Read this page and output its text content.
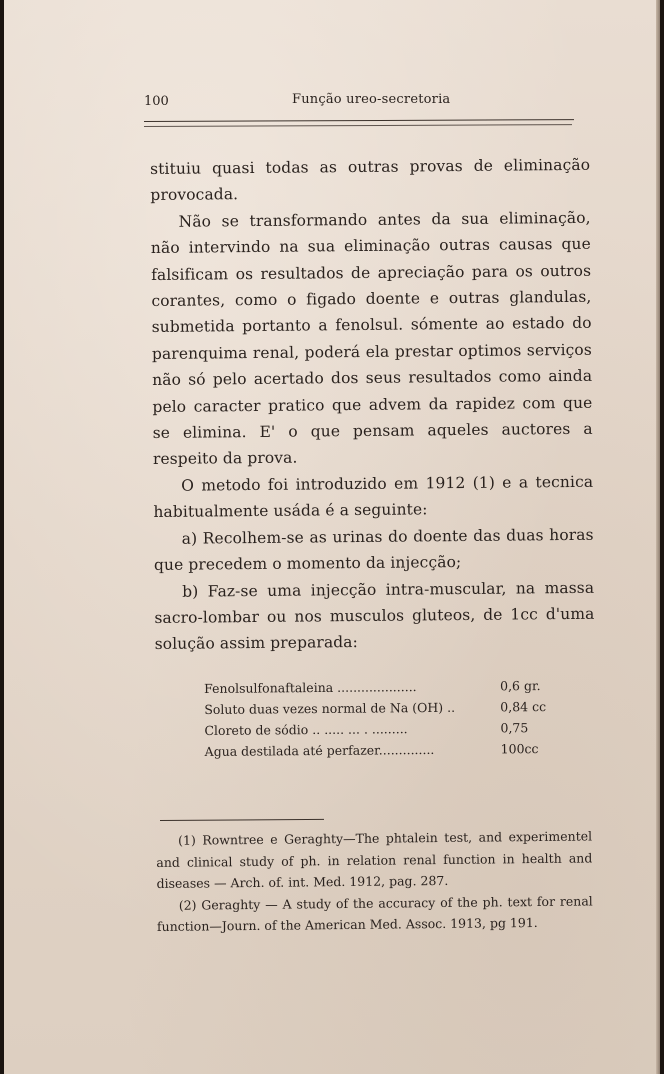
100	Função ureo-secretoria

stituiu quasi todas as outras provas de eliminação provocada.

Não se transformando antes da sua eliminação, não intervindo na sua eliminação outras causas que falsificam os resultados de apreciação para os outros corantes, como o figado doente e outras glandulas, submetida portanto a fenolsul. sómente ao estado do parenquima renal, poderá ela prestar optimos serviços não só pelo acertado dos seus resultados como ainda pelo caracter pratico que advem da rapidez com que se elimina. E' o que pensam aqueles auctores a respeito da prova.

O metodo foi introduzido em 1912 (1) e a tecnica habitualmente usáda é a seguinte:

a) Recolhem-se as urinas do doente das duas horas que precedem o momento da injecção;

b) Faz-se uma injecção intra-muscular, na massa sacro-lombar ou nos musculos gluteos, de 1cc d'uma solução assim preparada:

Fenolsulfonaftaleina ....................	0,6 gr.
Soluto duas vezes normal de Na (OH) ..	0,84 cc
Cloreto de sódio .. ..... ... . .........	0,75
Agua destilada até perfazer..............	100cc

(1) Rowntree e Geraghty—The phtalein test, and experimentel and clinical study of ph. in relation renal function in health and diseases — Arch. of. int. Med. 1912, pag. 287.

(2) Geraghty — A study of the accuracy of the ph. text for renal function—Journ. of the American Med. Assoc. 1913, pg 191.
